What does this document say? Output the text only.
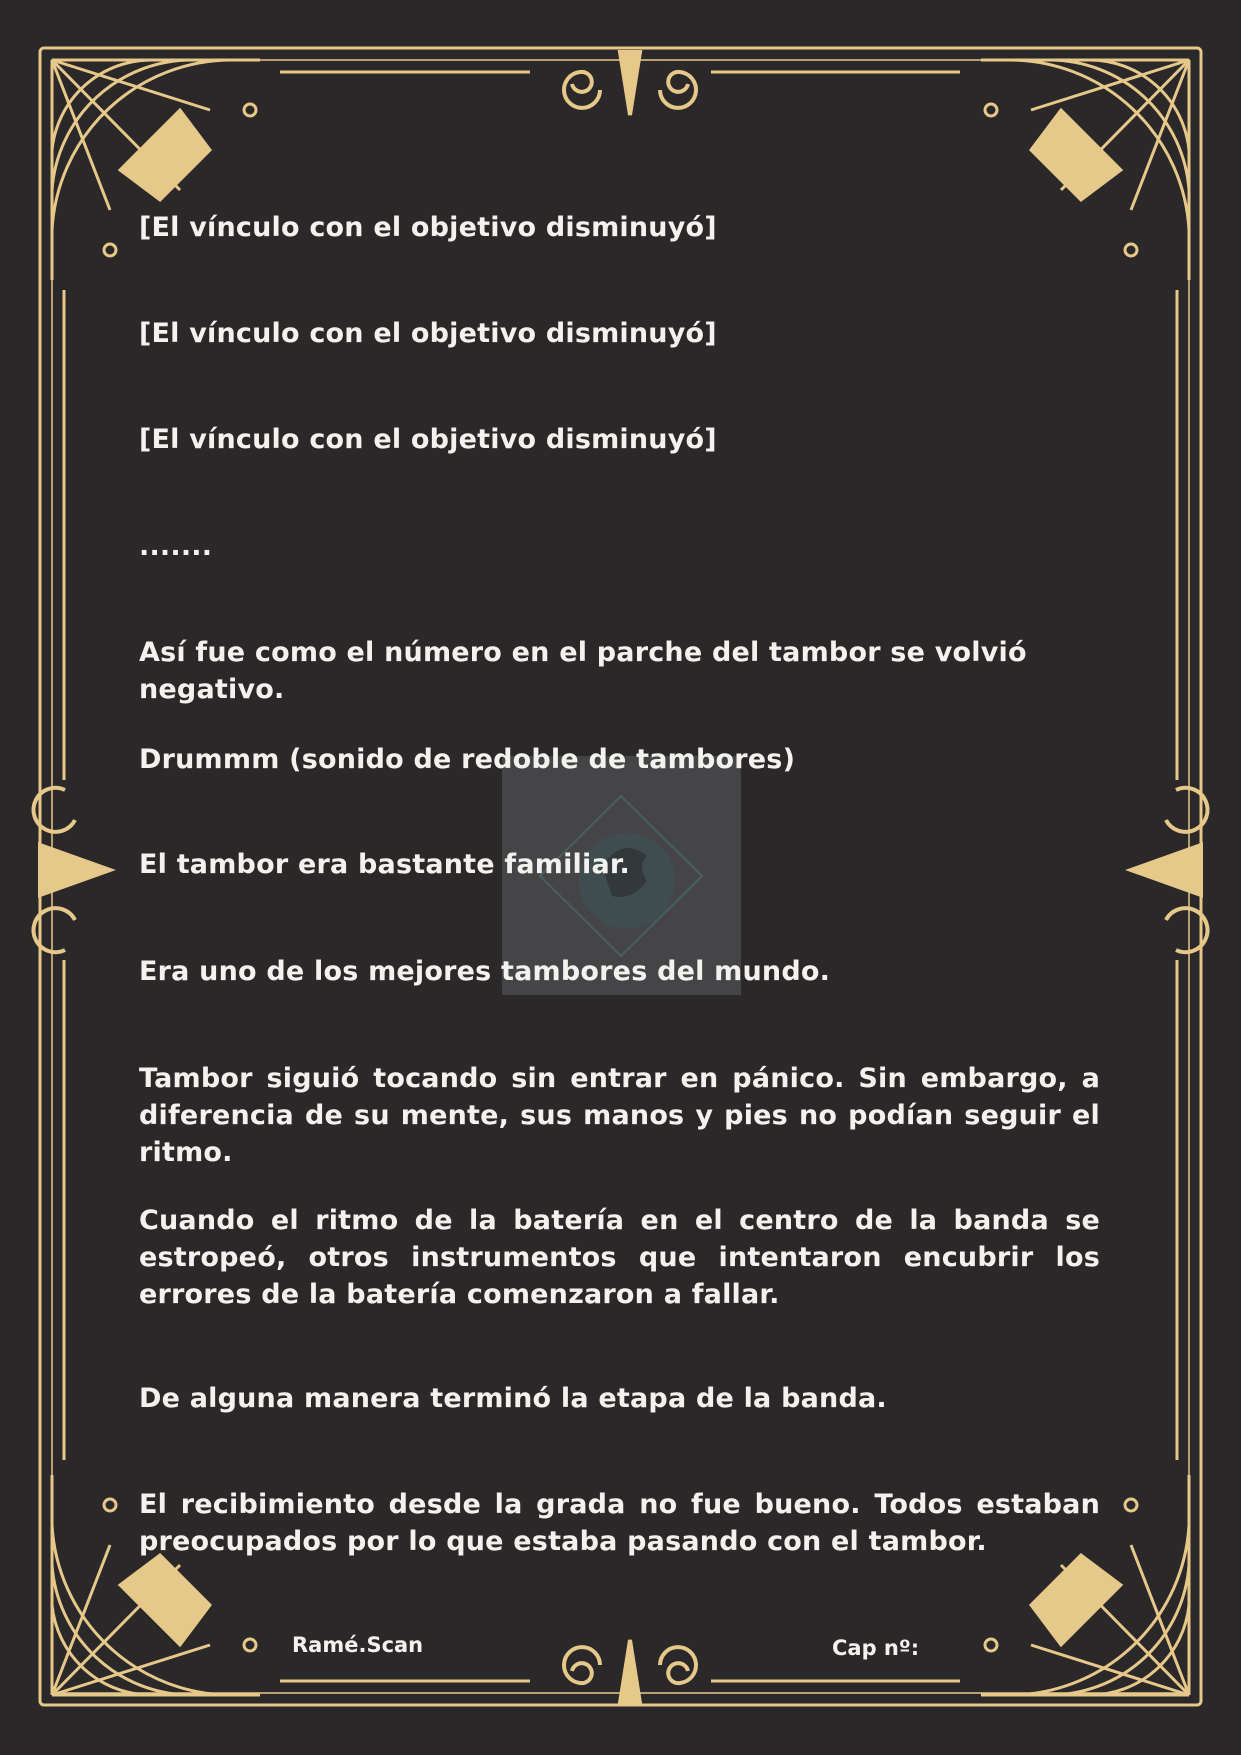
[El vínculo con el objetivo disminuyó]
[El vínculo con el objetivo disminuyó]
[El vínculo con el objetivo disminuyó]
.......
Así fue como el número en el parche del tambor se volvió negativo.
Drummm (sonido de redoble de tambores)
El tambor era bastante familiar.
Era uno de los mejores tambores del mundo.
Tambor siguió tocando sin entrar en pánico. Sin embargo, a diferencia de su mente, sus manos y pies no podían seguir el ritmo.
Cuando el ritmo de la batería en el centro de la banda se estropeó, otros instrumentos que intentaron encubrir los errores de la batería comenzaron a fallar.
De alguna manera terminó la etapa de la banda.
El recibimiento desde la grada no fue bueno. Todos estaban preocupados por lo que estaba pasando con el tambor.
Ramé.Scan	Cap nº:
